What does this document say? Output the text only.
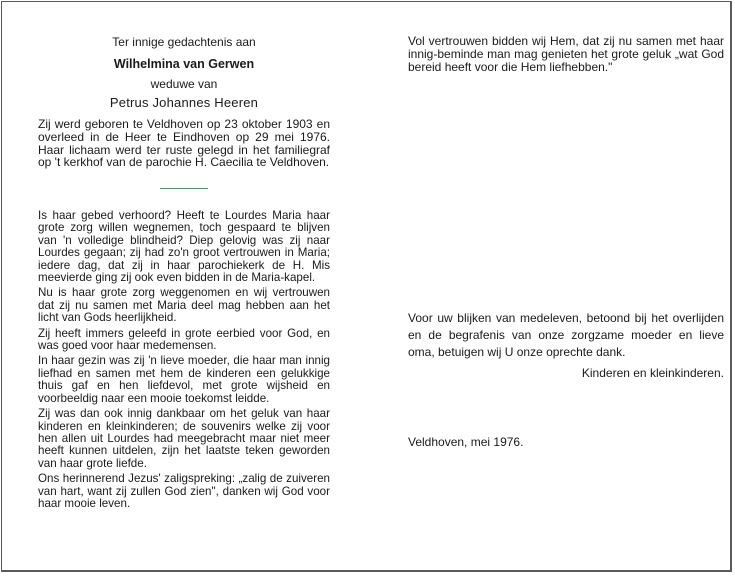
Ter innige gedachtenis aan

Wilhelmina van Gerwen

weduwe van

Petrus Johannes Heeren

Zij werd geboren te Veldhoven op 23 oktober 1903 en overleed in de Heer te Eindhoven op 29 mei 1976. Haar lichaam werd ter ruste gelegd in het familiegraf op 't kerkhof van de parochie H. Caecilia te Veldhoven.

Is haar gebed verhoord? Heeft te Lourdes Maria haar grote zorg willen wegnemen, toch gespaard te blijven van 'n volledige blindheid? Diep gelovig was zij naar Lourdes gegaan; zij had zo'n groot vertrouwen in Maria; iedere dag, dat zij in haar parochiekerk de H. Mis meevierde ging zij ook even bidden in de Maria-kapel.

Nu is haar grote zorg weggenomen en wij vertrouwen dat zij nu samen met Maria deel mag hebben aan het licht van Gods heerlijkheid.

Zij heeft immers geleefd in grote eerbied voor God, en was goed voor haar medemensen.

In haar gezin was zij 'n lieve moeder, die haar man innig liefhad en samen met hem de kinderen een gelukkige thuis gaf en hen liefdevol, met grote wijsheid en voorbeeldig naar een mooie toekomst leidde.

Zij was dan ook innig dankbaar om het geluk van haar kinderen en kleinkinderen; de souvenirs welke zij voor hen allen uit Lourdes had meegebracht maar niet meer heeft kunnen uitdelen, zijn het laatste teken geworden van haar grote liefde.

Ons herinnerend Jezus' zaligspreking: „zalig de zuiveren van hart, want zij zullen God zien", danken wij God voor haar mooie leven.

Vol vertrouwen bidden wij Hem, dat zij nu samen met haar innig-beminde man mag genieten het grote geluk „wat God bereid heeft voor die Hem liefhebben."

Voor uw blijken van medeleven, betoond bij het overlijden en de begrafenis van onze zorgzame moeder en lieve oma, betuigen wij U onze oprechte dank.

Kinderen en kleinkinderen.

Veldhoven, mei 1976.
